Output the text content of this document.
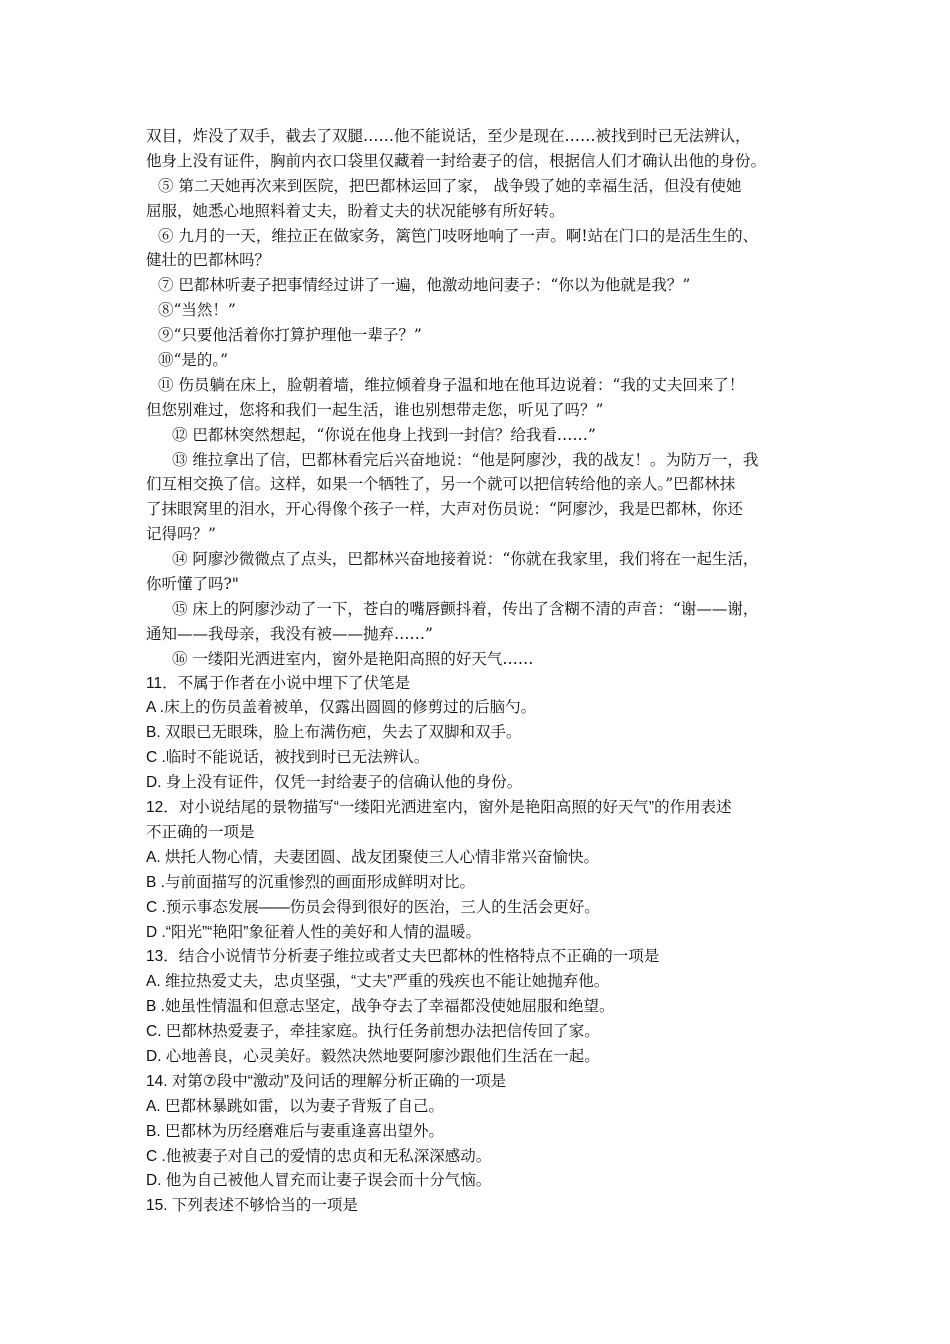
双目，炸没了双手，截去了双腿……他不能说话，至少是现在……被找到时已无法辨认，
他身上没有证件，胸前内衣口袋里仅藏着一封给妻子的信，根据信人们才确认出他的身份。
⑤ 第二天她再次来到医院，把巴都林运回了家， 战争毁了她的幸福生活，但没有使她
屈服，她悉心地照料着丈夫，盼着丈夫的状况能够有所好转。
⑥ 九月的一天，维拉正在做家务，篱笆门吱呀地响了一声。啊!站在门口的是活生生的、
健壮的巴都林吗？
⑦ 巴都林听妻子把事情经过讲了一遍，他激动地问妻子：“你以为他就是我？”
⑧“当然！”
⑨“只要他活着你打算护理他一辈子？”
⑩“是的。”
⑪ 伤员躺在床上，脸朝着墙，维拉倾着身子温和地在他耳边说着：“我的丈夫回来了！
但您别难过，您将和我们一起生活，谁也别想带走您，听见了吗？”
⑫ 巴都林突然想起，“你说在他身上找到一封信？给我看……”
⑬ 维拉拿出了信，巴都林看完后兴奋地说：“他是阿廖沙，我的战友！。为防万一，我
们互相交换了信。这样，如果一个牺牲了，另一个就可以把信转给他的亲人。”巴都林抹
了抹眼窝里的泪水，开心得像个孩子一样，大声对伤员说：“阿廖沙，我是巴都林，你还
记得吗？”
⑭ 阿廖沙微微点了点头，巴都林兴奋地接着说：“你就在我家里，我们将在一起生活，
你听懂了吗?"
⑮ 床上的阿廖沙动了一下，苍白的嘴唇颤抖着，传出了含糊不清的声音：“谢——谢，
通知——我母亲，我没有被——抛弃……”
⑯ 一缕阳光洒进室内，窗外是艳阳高照的好天气……
11．不属于作者在小说中埋下了伏笔是
A .床上的伤员盖着被单，仅露出圆圆的修剪过的后脑勺。
B. 双眼已无眼珠，脸上布满伤疤，失去了双脚和双手。
C .临时不能说话，被找到时已无法辨认。
D. 身上没有证件，仅凭一封给妻子的信确认他的身份。
12．对小说结尾的景物描写“一缕阳光洒进室内，窗外是艳阳高照的好天气”的作用表述
不正确的一项是
A. 烘托人物心情，夫妻团圆、战友团聚使三人心情非常兴奋愉快。
B .与前面描写的沉重惨烈的画面形成鲜明对比。
C .预示事态发展——伤员会得到很好的医治，三人的生活会更好。
D .“阳光”“艳阳”象征着人性的美好和人情的温暖。
13．结合小说情节分析妻子维拉或者丈夫巴都林的性格特点不正确的一项是
A. 维拉热爱丈夫，忠贞坚强，“丈夫”严重的残疾也不能让她抛弃他。
B .她虽性情温和但意志坚定，战争夺去了幸福都没使她屈服和绝望。
C. 巴都林热爱妻子，牵挂家庭。执行任务前想办法把信传回了家。
D. 心地善良，心灵美好。毅然决然地要阿廖沙跟他们生活在一起。
14. 对第⑦段中“激动”及问话的理解分析正确的一项是
A. 巴都林暴跳如雷，以为妻子背叛了自己。
B. 巴都林为历经磨难后与妻重逢喜出望外。
C .他被妻子对自己的爱情的忠贞和无私深深感动。
D. 他为自己被他人冒充而让妻子误会而十分气恼。
15. 下列表述不够恰当的一项是
